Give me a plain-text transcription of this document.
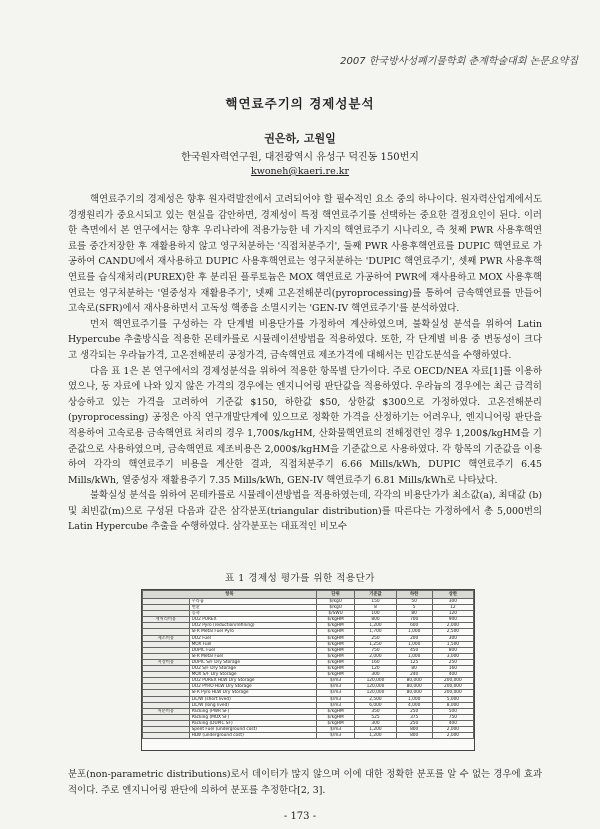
2007 한국방사성폐기물학회 춘계학술대회 논문요약집
핵연료주기의 경제성분석
권은하, 고원일
한국원자력연구원, 대전광역시 유성구 덕진동 150번지
kwoneh@kaeri.re.kr

핵연료주기의 경제성은 향후 원자력발전에서 고려되어야 할 필수적인 요소 중의 하나이다. 원자력산업계에서도 경쟁원리가 중요시되고 있는 현실을 감안하면, 경제성이 특정 핵연료주기를 선택하는 중요한 결정요인이 된다. 이러한 측면에서 본 연구에서는 향후 우리나라에 적용가능한 네 가지의 핵연료주기 시나리오, 즉 첫째 PWR 사용후핵연료를 중간저장한 후 재활용하지 않고 영구처분하는 '직접처분주기', 둘째 PWR 사용후핵연료를 DUPIC 핵연료로 가공하여 CANDU에서 재사용하고 DUPIC 사용후핵연료는 영구처분하는 'DUPIC 핵연료주기', 셋째 PWR 사용후핵연료를 습식재처리(PUREX)한 후 분리된 플루토늄은 MOX 핵연료로 가공하여 PWR에 재사용하고 MOX 사용후핵연료는 영구처분하는 '열중성자 재활용주기', 넷째 고온전해분리(pyroprocessing)를 통하여 금속핵연료를 만들어 고속로(SFR)에서 재사용하면서 고독성 핵종을 소멸시키는 'GEN-IV 핵연료주기'를 분석하였다.

먼저 핵연료주기를 구성하는 각 단계별 비용단가를 가정하여 계산하였으며, 불확실성 분석을 위하여 Latin Hypercube 추출방식을 적용한 몬테카를로 시뮬레이션방법을 적용하였다. 또한, 각 단계별 비용 중 변동성이 크다고 생각되는 우라늄가격, 고온전해분리 공정가격, 금속핵연료 제조가격에 대해서는 민감도분석을 수행하였다.

다음 표 1은 본 연구에서의 경제성분석을 위하여 적용한 항목별 단가이다. 주로 OECD/NEA 자료[1]를 이용하였으나, 동 자료에 나와 있지 않은 가격의 경우에는 엔지니어링 판단값을 적용하였다. 우라늄의 경우에는 최근 급격히 상승하고 있는 가격을 고려하여 기준값 $150, 하한값 $50, 상한값 $300으로 가정하였다. 고온전해분리(pyroprocessing) 공정은 아직 연구개발단계에 있으므로 정확한 가격을 산정하기는 어려우나, 엔지니어링 판단을 적용하여 고속로용 금속핵연료 처리의 경우 1,700$/kgHM, 산화물핵연료의 전해정련인 경우 1,200$/kgHM을 기준값으로 사용하였으며, 금속핵연료 제조비용은 2,000$/kgHM을 기준값으로 사용하였다. 각 항목의 기준값을 이용하여 각각의 핵연료주기 비용을 계산한 결과, 직접처분주기 6.66 Mills/kWh, DUPIC 핵연료주기 6.45 Mills/kWh, 열중성자 재활용주기 7.35 Mills/kWh, GEN-IV 핵연료주기 6.81 Mills/kWh로 나타났다.

불확실성 분석을 위하여 몬테카를로 시뮬레이션방법을 적용하였는데, 각각의 비용단가가 최소값(a), 최대값 (b) 및 최빈값(m)으로 구성된 다음과 같은 삼각분포(triangular distribution)를 따른다는 가정하에서 총 5,000번의 Latin Hypercube 추출을 수행하였다. 삼각분포는 대표적인 비모수

표 1 경제성 평가를 위한 적용단가
항목		단위	기준값	하한	상한
	우라늄	$/kgU	150	50	300
	변환	$/kgU	8	5	12
	농축	$/SWU	100	80	120
재처리비용	UO2 PUREX	$/kgHM	800	700	900
	UO2 Pyro (reduction/refining)	$/kgHM	1,200	600	2,000
	SFR Metal Fuel Pyro	$/kgHM	1,700	1,000	2,500
제조비용	UO2 Fuel	$/kgHM	250	200	300
	MOX Fuel	$/kgHM	1,250	1,000	1,500
	DUPIC Fuel	$/kgHM	750	450	800
	SFR Metal Fuel	$/kgHM	2,000	1,000	3,000
저장비용	DUPIC S/F Dry Storage	$/kgHM	160	125	250
	UO2 S/F Dry Storage	$/kgHM	120	80	160
	MOX S/F Dry Storage	$/kgHM	300	240	400
	UO2 PUREX HLW Dry Storage	$/m3	120,000	80,000	200,000
	UO2 PYRO HLW Dry Storage	$/m3	120,000	80,000	200,000
	SFR Pyro HLW Dry Storage	$/m3	120,000	80,000	200,000
	LIL/W (short lived)	$/m3	2,500	1,000	5,000
	LIL/W (long lived)	$/m3	6,000	4,000	8,000
처분비용	Packing (PWR SF)	$/kgHM	350	250	500
	Packing (MOX SF)	$/kgHM	525	375	750
	Packing (DUPIC SF)	$/kgHM	300	250	400
	Spent Fuel (underground cost)	$/m3	1,200	800	2,000
	HLW (underground cost)	$/m3	1,200	800	2,000
분포(non-parametric distributions)로서 데이터가 많지 않으며 이에 대한 정확한 분포를 알 수 없는 경우에 효과적이다. 주로 엔지니어링 판단에 의하여 분포를 추정한다[2, 3].
- 173 -
